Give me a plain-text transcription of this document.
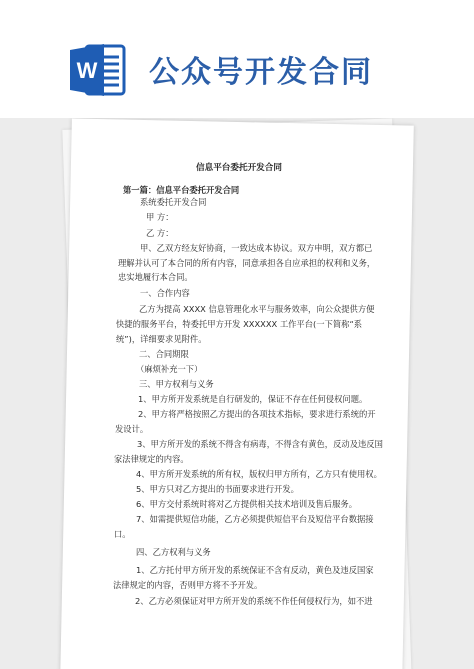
W 公众号开发合同
信息平台委托开发合同
第一篇：信息平台委托开发合同
系统委托开发合同
甲 方：
乙 方：
甲、乙双方经友好协商，一致达成本协议。双方申明，双方都已
理解并认可了本合同的所有内容，同意承担各自应承担的权利和义务，
忠实地履行本合同。
一、合作内容
乙方为提高 XXXX 信息管理化水平与服务效率，向公众提供方便
快捷的服务平台，特委托甲方开发 XXXXXX 工作平台(一下简称“系
统”)，详细要求见附件。
二、合同期限
（麻烦补充一下）
三、甲方权利与义务
1、甲方所开发系统是自行研发的，保证不存在任何侵权问题。
2、甲方将严格按照乙方提出的各项技术指标，要求进行系统的开
发设计。
3、甲方所开发的系统不得含有病毒，不得含有黄色，反动及违反国
家法律规定的内容。
4、甲方所开发系统的所有权，版权归甲方所有，乙方只有使用权。
5、甲方只对乙方提出的书面要求进行开发。
6、甲方交付系统时将对乙方提供相关技术培训及售后服务。
7、如需提供短信功能，乙方必须提供短信平台及短信平台数据接
口。
四、乙方权利与义务
1、乙方托付甲方所开发的系统保证不含有反动，黄色及违反国家
法律规定的内容，否则甲方将不予开发。
2、乙方必须保证对甲方所开发的系统不作任何侵权行为，如不进
